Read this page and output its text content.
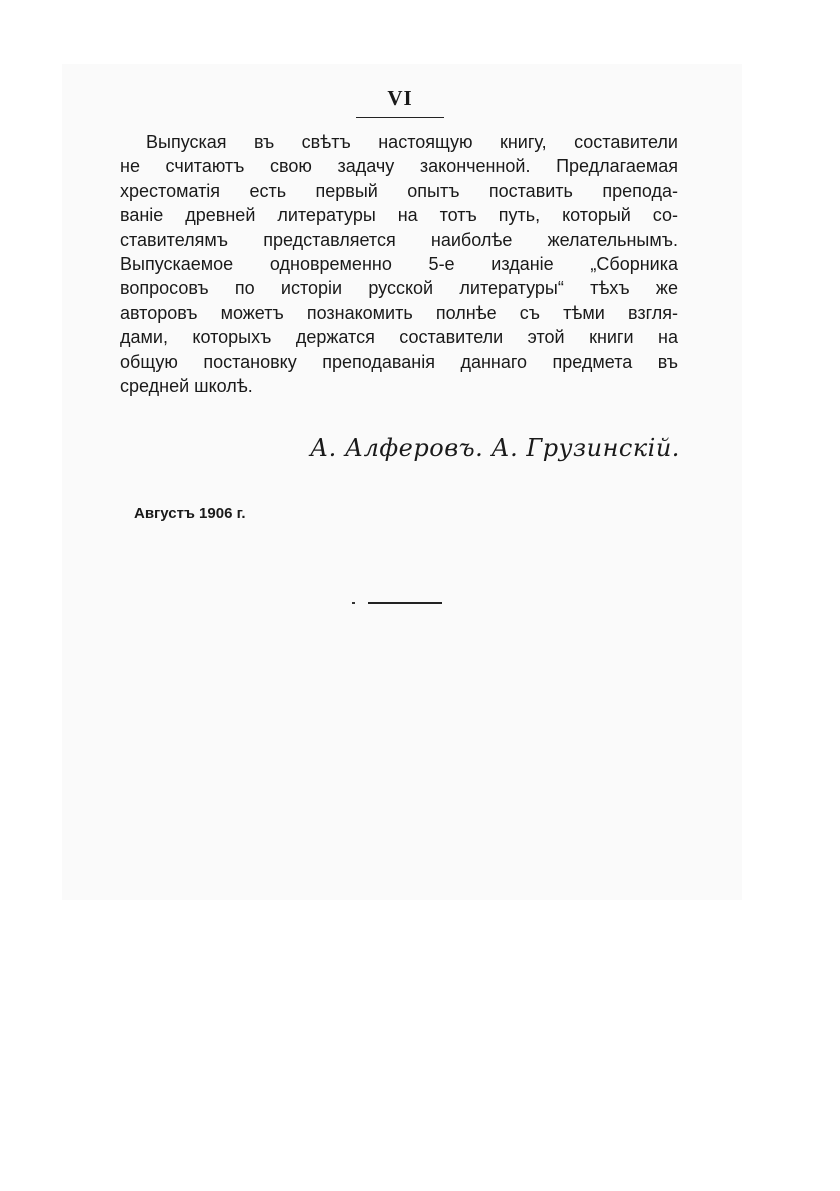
VI
Выпуская въ свѣтъ настоящую книгу, составители
не считаютъ свою задачу законченной. Предлагаемая
хрестоматія есть первый опытъ поставить препода-
ваніе древней литературы на тотъ путь, который со-
ставителямъ представляется наиболѣе желательнымъ.
Выпускаемое одновременно 5-е изданіе „Сборника
вопросовъ по исторіи русской литературы“ тѣхъ же
авторовъ можетъ познакомить полнѣе съ тѣми взгля-
дами, которыхъ держатся составители этой книги на
общую постановку преподаванія даннаго предмета въ
средней школѣ.
А. Алферовъ. А. Грузинскій.
Августъ 1906 г.
